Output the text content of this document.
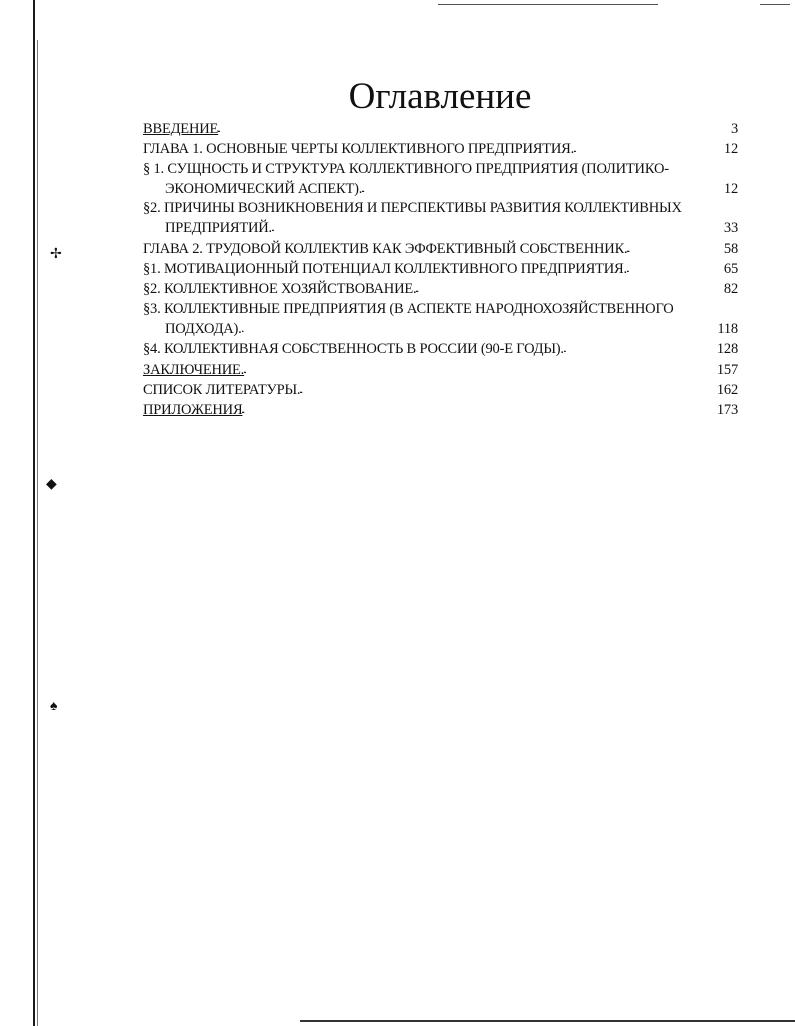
✢
◆
♠
Оглавление
ВВЕДЕНИЕ . . .	3
ГЛАВА 1. ОСНОВНЫЕ ЧЕРТЫ КОЛЛЕКТИВНОГО ПРЕДПРИЯТИЯ. . . .	12
§ 1. СУЩНОСТЬ И СТРУКТУРА КОЛЛЕКТИВНОГО ПРЕДПРИЯТИЯ (ПОЛИТИКО-
ЭКОНОМИЧЕСКИЙ АСПЕКТ). . . .	12
§2. ПРИЧИНЫ ВОЗНИКНОВЕНИЯ И ПЕРСПЕКТИВЫ РАЗВИТИЯ КОЛЛЕКТИВНЫХ
ПРЕДПРИЯТИЙ. . . .	33
ГЛАВА 2. ТРУДОВОЙ КОЛЛЕКТИВ КАК ЭФФЕКТИВНЫЙ СОБСТВЕННИК. . . .	58
§1. МОТИВАЦИОННЫЙ ПОТЕНЦИАЛ КОЛЛЕКТИВНОГО ПРЕДПРИЯТИЯ. . . .	65
§2. КОЛЛЕКТИВНОЕ ХОЗЯЙСТВОВАНИЕ. . . .	82
§3. КОЛЛЕКТИВНЫЕ ПРЕДПРИЯТИЯ (В АСПЕКТЕ НАРОДНОХОЗЯЙСТВЕННОГО
ПОДХОДА). . . .	118
§4. КОЛЛЕКТИВНАЯ СОБСТВЕННОСТЬ В РОССИИ (90-Е ГОДЫ). . . .	128
ЗАКЛЮЧЕНИЕ. . . .	157
СПИСОК ЛИТЕРАТУРЫ. . . .	162
ПРИЛОЖЕНИЯ . . .	173
